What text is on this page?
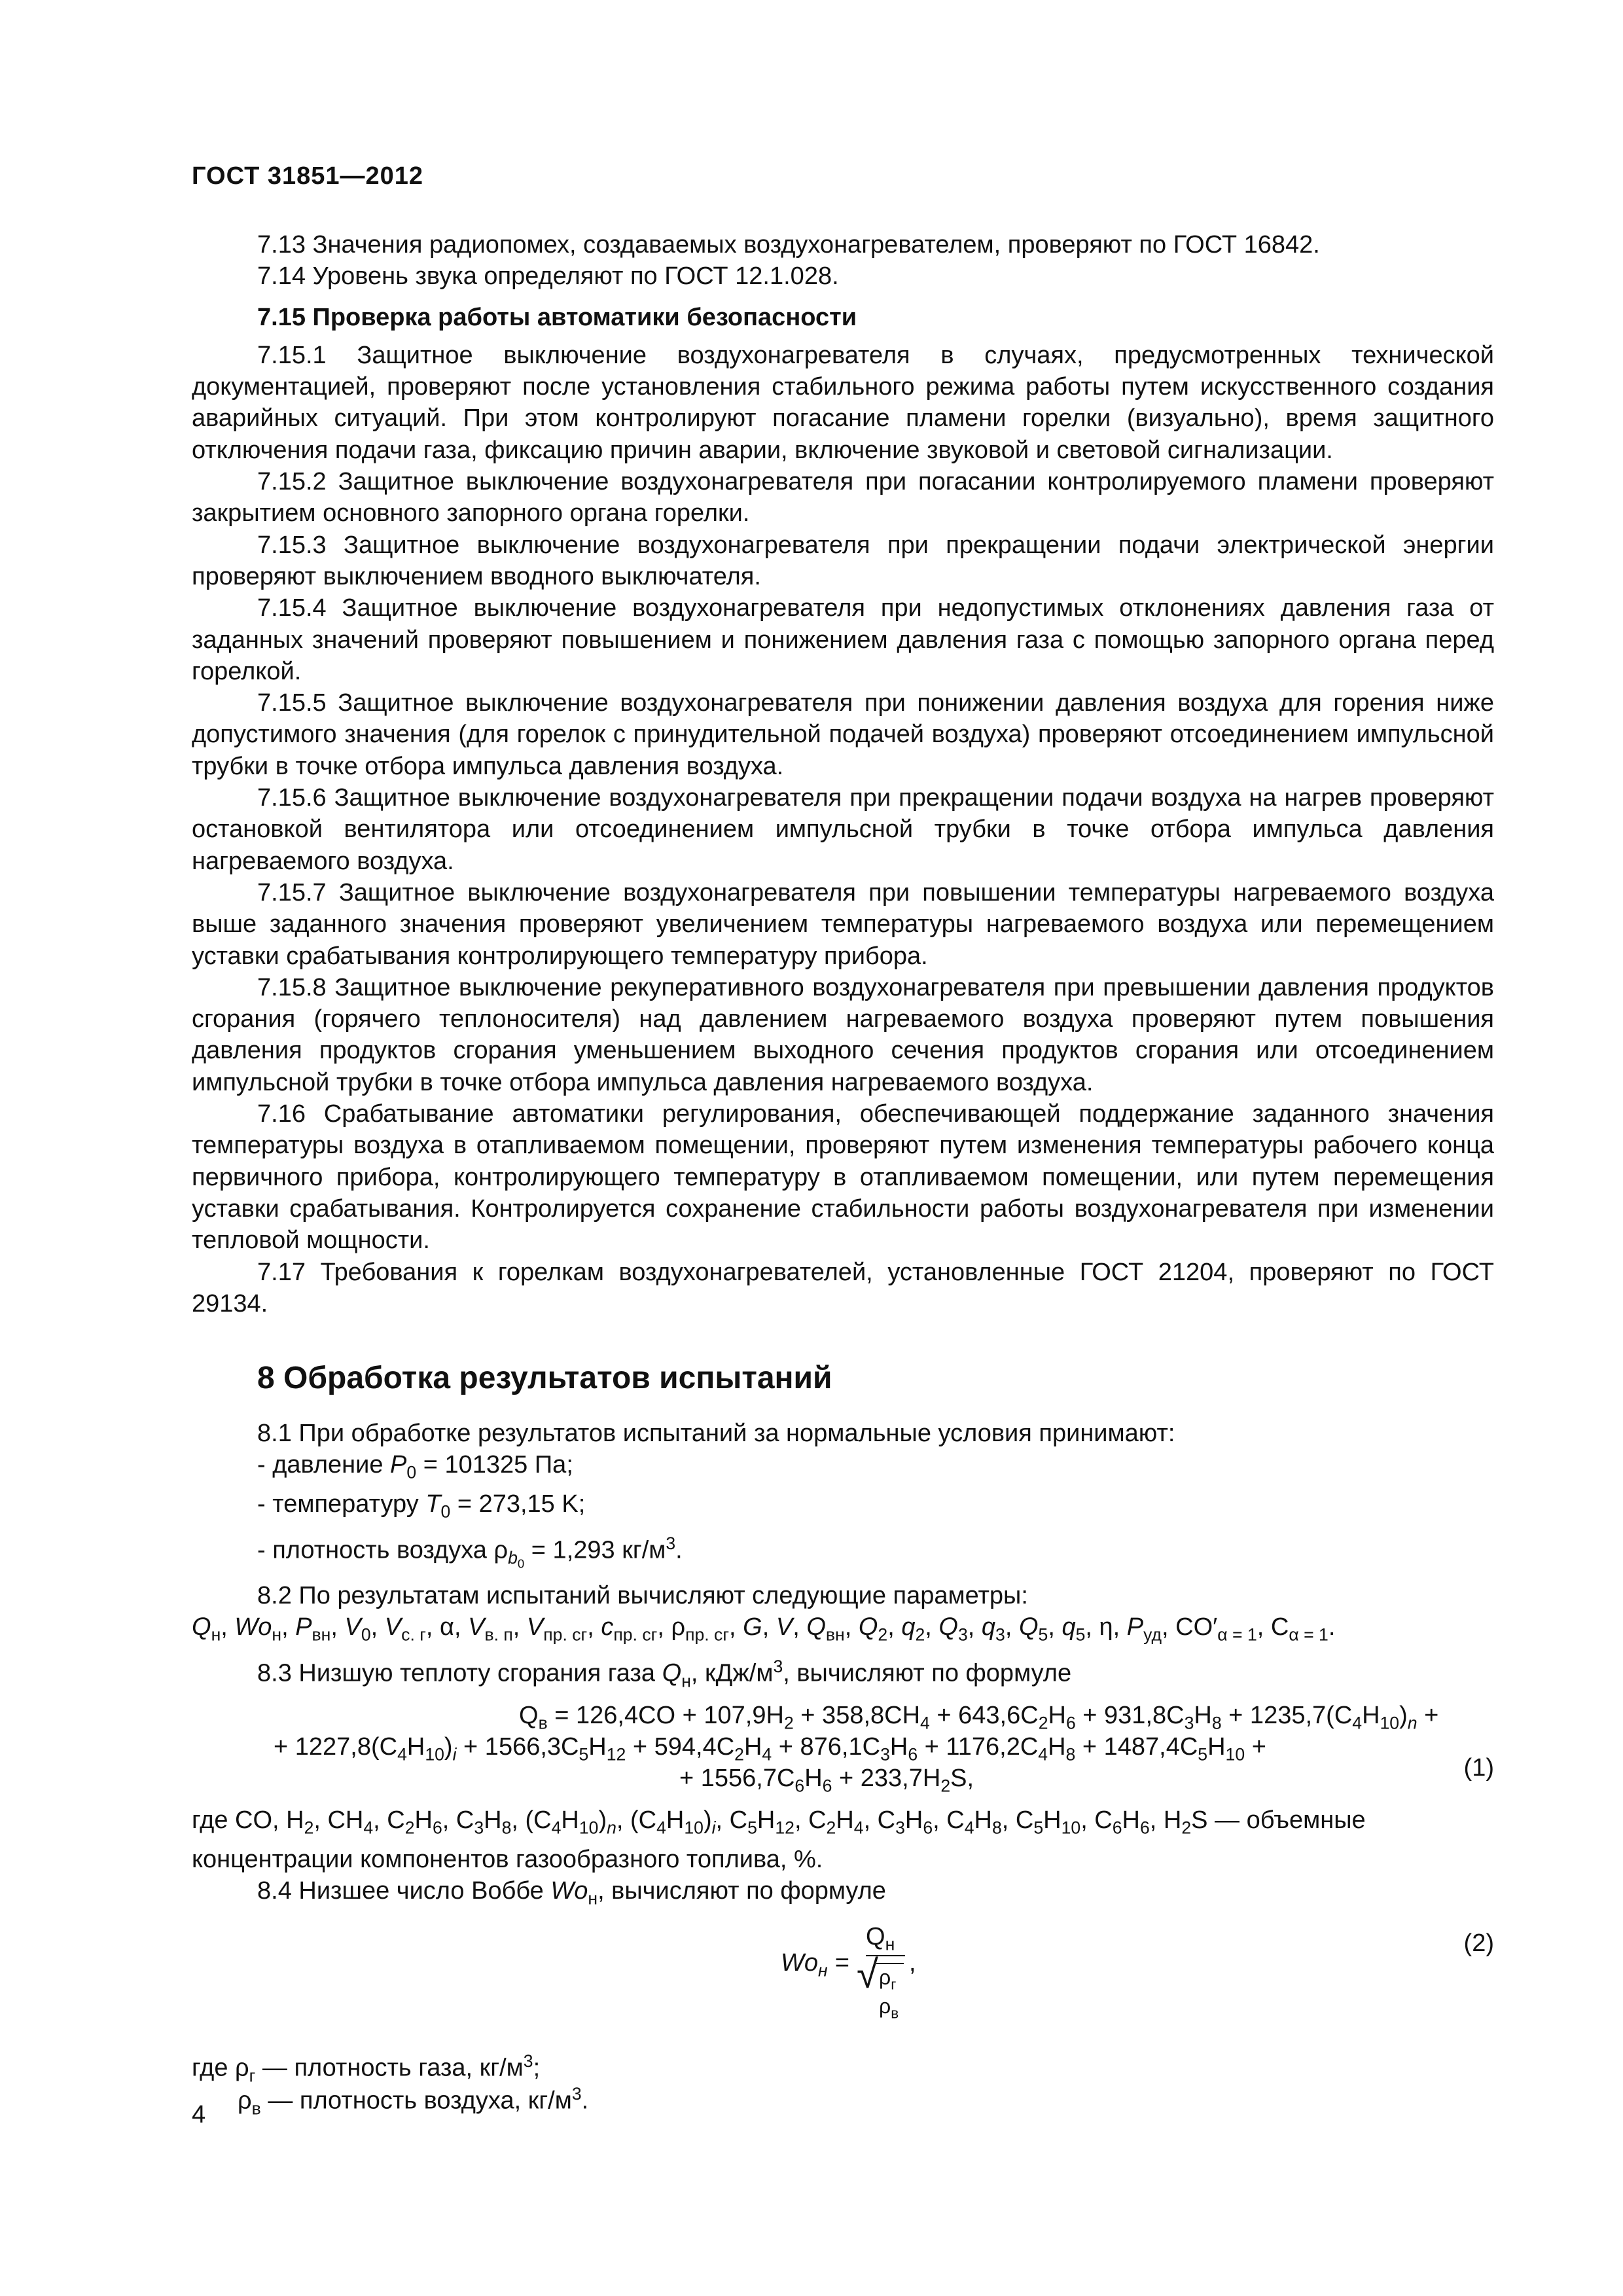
ГОСТ 31851—2012

7.13 Значения радиопомех, создаваемых воздухонагревателем, проверяют по ГОСТ 16842.

7.14 Уровень звука определяют по ГОСТ 12.1.028.

7.15 Проверка работы автоматики безопасности

7.15.1 Защитное выключение воздухонагревателя в случаях, предусмотренных технической документацией, проверяют после установления стабильного режима работы путем искусственного создания аварийных ситуаций. При этом контролируют погасание пламени горелки (визуально), время защитного отключения подачи газа, фиксацию причин аварии, включение звуковой и световой сигнализации.

7.15.2 Защитное выключение воздухонагревателя при погасании контролируемого пламени проверяют закрытием основного запорного органа горелки.

7.15.3 Защитное выключение воздухонагревателя при прекращении подачи электрической энергии проверяют выключением вводного выключателя.

7.15.4 Защитное выключение воздухонагревателя при недопустимых отклонениях давления газа от заданных значений проверяют повышением и понижением давления газа с помощью запорного органа перед горелкой.

7.15.5 Защитное выключение воздухонагревателя при понижении давления воздуха для горения ниже допустимого значения (для горелок с принудительной подачей воздуха) проверяют отсоединением импульсной трубки в точке отбора импульса давления воздуха.

7.15.6 Защитное выключение воздухонагревателя при прекращении подачи воздуха на нагрев проверяют остановкой вентилятора или отсоединением импульсной трубки в точке отбора импульса давления нагреваемого воздуха.

7.15.7 Защитное выключение воздухонагревателя при повышении температуры нагреваемого воздуха выше заданного значения проверяют увеличением температуры нагреваемого воздуха или перемещением уставки срабатывания контролирующего температуру прибора.

7.15.8 Защитное выключение рекуперативного воздухонагревателя при превышении давления продуктов сгорания (горячего теплоносителя) над давлением нагреваемого воздуха проверяют путем повышения давления продуктов сгорания уменьшением выходного сечения продуктов сгорания или отсоединением импульсной трубки в точке отбора импульса давления нагреваемого воздуха.

7.16 Срабатывание автоматики регулирования, обеспечивающей поддержание заданного значения температуры воздуха в отапливаемом помещении, проверяют путем изменения температуры рабочего конца первичного прибора, контролирующего температуру в отапливаемом помещении, или путем перемещения уставки срабатывания. Контролируется сохранение стабильности работы воздухонагревателя при изменении тепловой мощности.

7.17 Требования к горелкам воздухонагревателей, установленные ГОСТ 21204, проверяют по ГОСТ 29134.

8 Обработка результатов испытаний

8.1 При обработке результатов испытаний за нормальные условия принимают:

- давление $P_0 = 101325$ Па;

- температуру $T_0 = 273,15$ K;

- плотность воздуха $\rho_{b_0} = 1,293$ $кг/м^3$.

8.2 По результатам испытаний вычисляют следующие параметры:

$Q_н$, $Wo_н$, $P_{вн}$, $V_0$, $V_{с. г}$, α, $V_{в. п}$, $V_{пр. сг}$, $c_{пр. сг}$, $\rho_{пр. сг}$, G, V, $Q_{вн}$, $Q_2$, $q_2$, $Q_3$, $q_3$, $Q_5$, $q_5$, η, $P_{уд}$, $CO'_{\alpha = 1}$, $C_{\alpha = 1}$.

8.3 Низшую теплоту сгорания газа $Q_н$, кДж/$м^3$, вычисляют по формуле

$Q_в = 126,4CO + 107,9H_2 + 358,8CH_4 + 643,6C_2H_6 + 931,8C_3H_8 + 1235,7(C_4H_{10})_n$ +
+ $1227,8(C_4H_{10})_i + 1566,3C_5H_{12} + 594,4C_2H_4 + 876,1C_3H_6 + 1176,2C_4H_8 + 1487,4C_5H_{10}$ +
+ $1556,7C_6H_6 + 233,7H_2S$,	(1)

где CO, $H_2$, $CH_4$, $C_2H_6$, $C_3H_8$, $(C_4H_{10})_n$, $(C_4H_{10})_i$, $C_5H_{12}$, $C_2H_4$, $C_3H_6$, $C_4H_8$, $C_5H_{10}$, $C_6H_6$, $H_2S$ — объемные концентрации компонентов газообразного топлива, %.

8.4 Низшее число Воббе $Wo_н$, вычисляют по формуле

$Wo_н$ =
$Q_н$
√ $\rho_г$
$\rho_в$
,
(2)
где $\rho_г$ — плотность газа, $кг/м^3$;
$\rho_в$ — плотность воздуха, $кг/м^3$.
4
